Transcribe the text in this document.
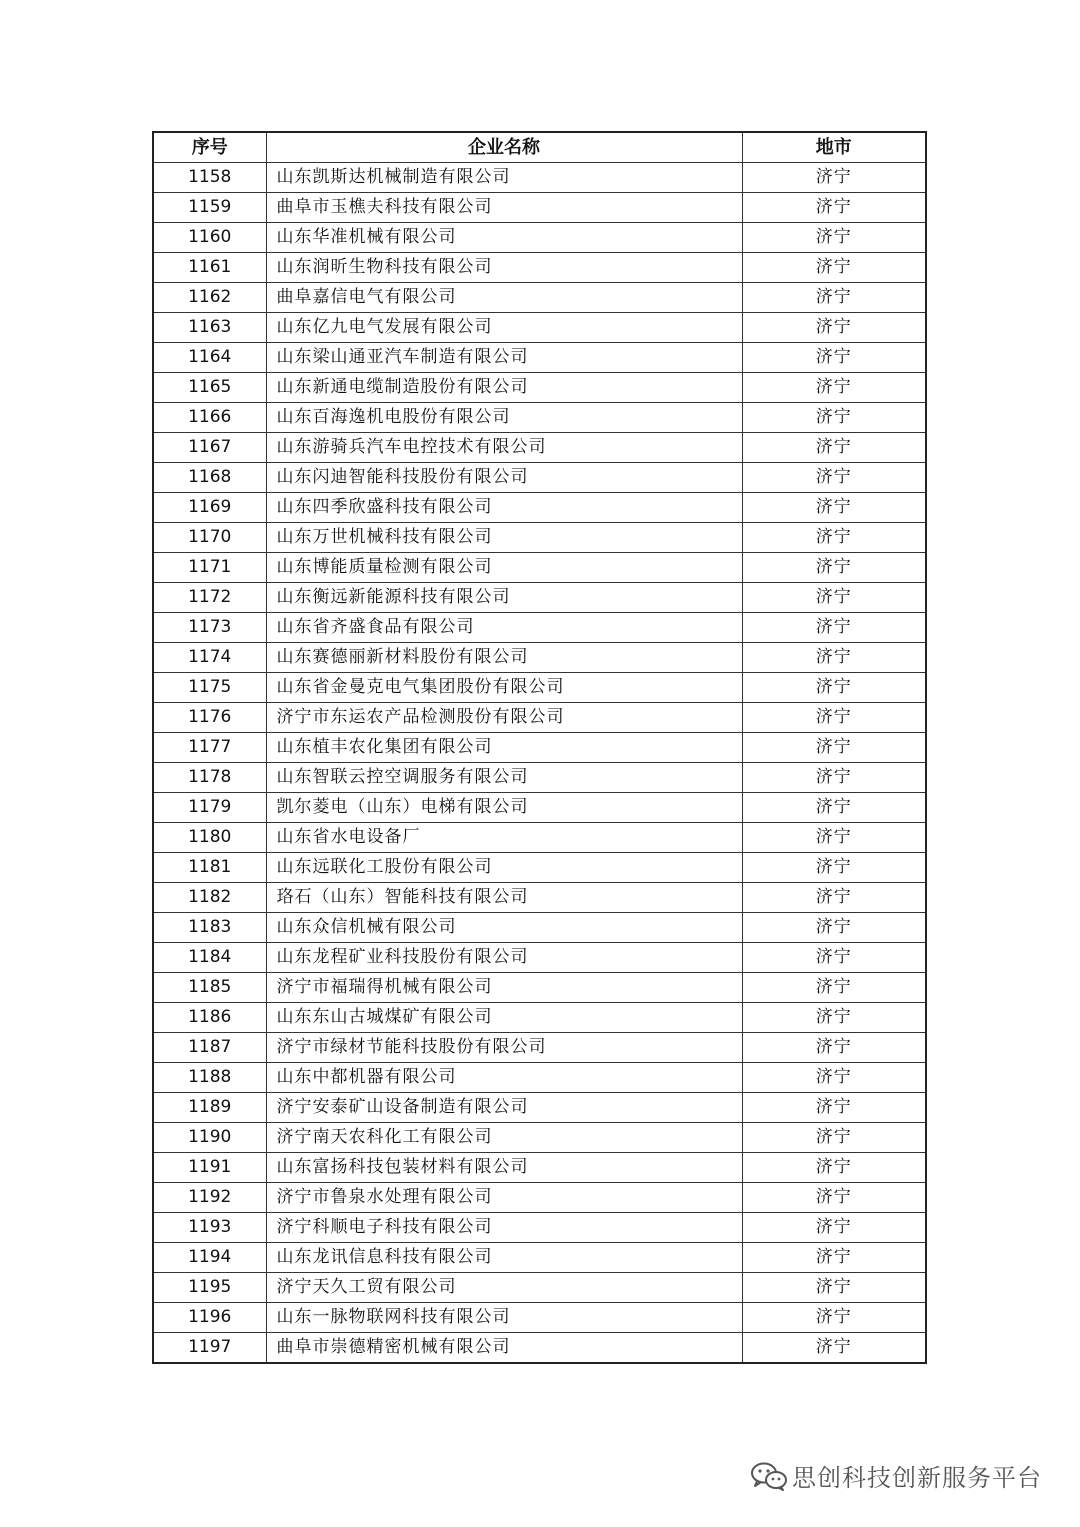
序号	企业名称	地市
1158	山东凯斯达机械制造有限公司	济宁
1159	曲阜市玉樵夫科技有限公司	济宁
1160	山东华准机械有限公司	济宁
1161	山东润昕生物科技有限公司	济宁
1162	曲阜嘉信电气有限公司	济宁
1163	山东亿九电气发展有限公司	济宁
1164	山东梁山通亚汽车制造有限公司	济宁
1165	山东新通电缆制造股份有限公司	济宁
1166	山东百海逸机电股份有限公司	济宁
1167	山东游骑兵汽车电控技术有限公司	济宁
1168	山东闪迪智能科技股份有限公司	济宁
1169	山东四季欣盛科技有限公司	济宁
1170	山东万世机械科技有限公司	济宁
1171	山东博能质量检测有限公司	济宁
1172	山东衡远新能源科技有限公司	济宁
1173	山东省齐盛食品有限公司	济宁
1174	山东赛德丽新材料股份有限公司	济宁
1175	山东省金曼克电气集团股份有限公司	济宁
1176	济宁市东运农产品检测股份有限公司	济宁
1177	山东植丰农化集团有限公司	济宁
1178	山东智联云控空调服务有限公司	济宁
1179	凯尔菱电（山东）电梯有限公司	济宁
1180	山东省水电设备厂	济宁
1181	山东远联化工股份有限公司	济宁
1182	珞石（山东）智能科技有限公司	济宁
1183	山东众信机械有限公司	济宁
1184	山东龙程矿业科技股份有限公司	济宁
1185	济宁市福瑞得机械有限公司	济宁
1186	山东东山古城煤矿有限公司	济宁
1187	济宁市绿材节能科技股份有限公司	济宁
1188	山东中都机器有限公司	济宁
1189	济宁安泰矿山设备制造有限公司	济宁
1190	济宁南天农科化工有限公司	济宁
1191	山东富扬科技包装材料有限公司	济宁
1192	济宁市鲁泉水处理有限公司	济宁
1193	济宁科顺电子科技有限公司	济宁
1194	山东龙讯信息科技有限公司	济宁
1195	济宁天久工贸有限公司	济宁
1196	山东一脉物联网科技有限公司	济宁
1197	曲阜市崇德精密机械有限公司	济宁
思创科技创新服务平台
